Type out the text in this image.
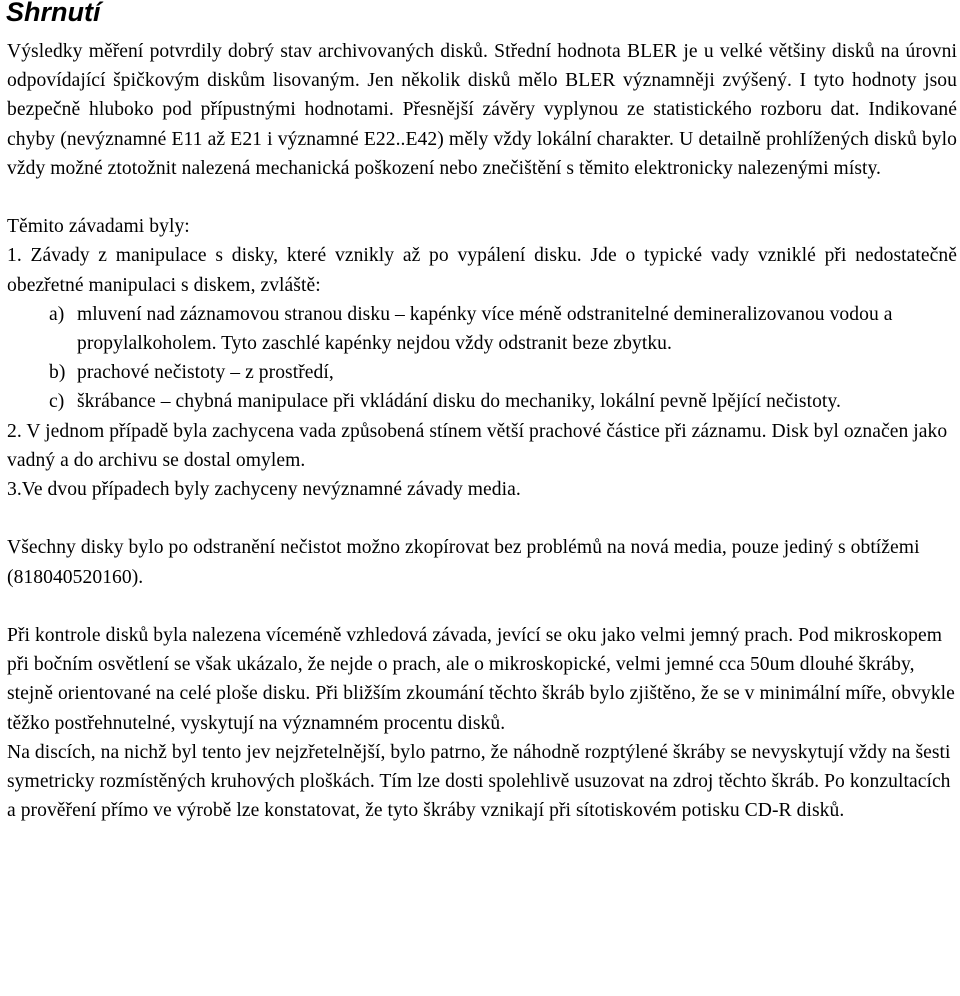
Shrnutí

Výsledky měření potvrdily dobrý stav archivovaných disků. Střední hodnota BLER je u velké většiny disků na úrovni odpovídající špičkovým diskům lisovaným. Jen několik disků mělo BLER významněji zvýšený. I tyto hodnoty jsou bezpečně hluboko pod přípustnými hodnotami. Přesnější závěry vyplynou ze statistického rozboru dat. Indikované chyby (nevýznamné E11 až E21 i významné E22..E42) měly vždy lokální charakter. U detailně prohlížených disků bylo vždy možné ztotožnit nalezená mechanická poškození nebo znečištění s těmito elektronicky nalezenými místy.

Těmito závadami byly:

1. Závady z manipulace s disky, které vznikly až po vypálení disku. Jde o typické vady vzniklé při nedostatečně obezřetné manipulaci s diskem, zvláště:

a) mluvení nad záznamovou stranou disku – kapénky více méně odstranitelné demineralizovanou vodou a propylalkoholem. Tyto zaschlé kapénky nejdou vždy odstranit beze zbytku.
b) prachové nečistoty – z prostředí,
c) škrábance – chybná manipulace při vkládání disku do mechaniky, lokální pevně lpějící nečistoty.

2. V jednom případě byla zachycena vada způsobená stínem větší prachové částice při záznamu. Disk byl označen jako vadný a do archivu se dostal omylem.

3.Ve dvou případech byly zachyceny nevýznamné závady media.

Všechny disky bylo po odstranění nečistot možno zkopírovat bez problémů na nová media, pouze jediný s obtížemi (818040520160).

Při kontrole disků byla nalezena víceméně vzhledová závada, jevící se oku jako velmi jemný prach. Pod mikroskopem při bočním osvětlení se však ukázalo, že nejde o prach, ale o mikroskopické, velmi jemné cca 50um dlouhé škráby, stejně orientované na celé ploše disku. Při bližším zkoumání těchto škráb bylo zjištěno, že se v minimální míře, obvykle těžko postřehnutelné, vyskytují na významném procentu disků.

Na discích, na nichž byl tento jev nejzřetelnější, bylo patrno, že náhodně rozptýlené škráby se nevyskytují vždy na šesti symetricky rozmístěných kruhových ploškách. Tím lze dosti spolehlivě usuzovat na zdroj těchto škráb. Po konzultacích a prověření přímo ve výrobě lze konstatovat, že tyto škráby vznikají při sítotiskovém potisku CD-R disků.
